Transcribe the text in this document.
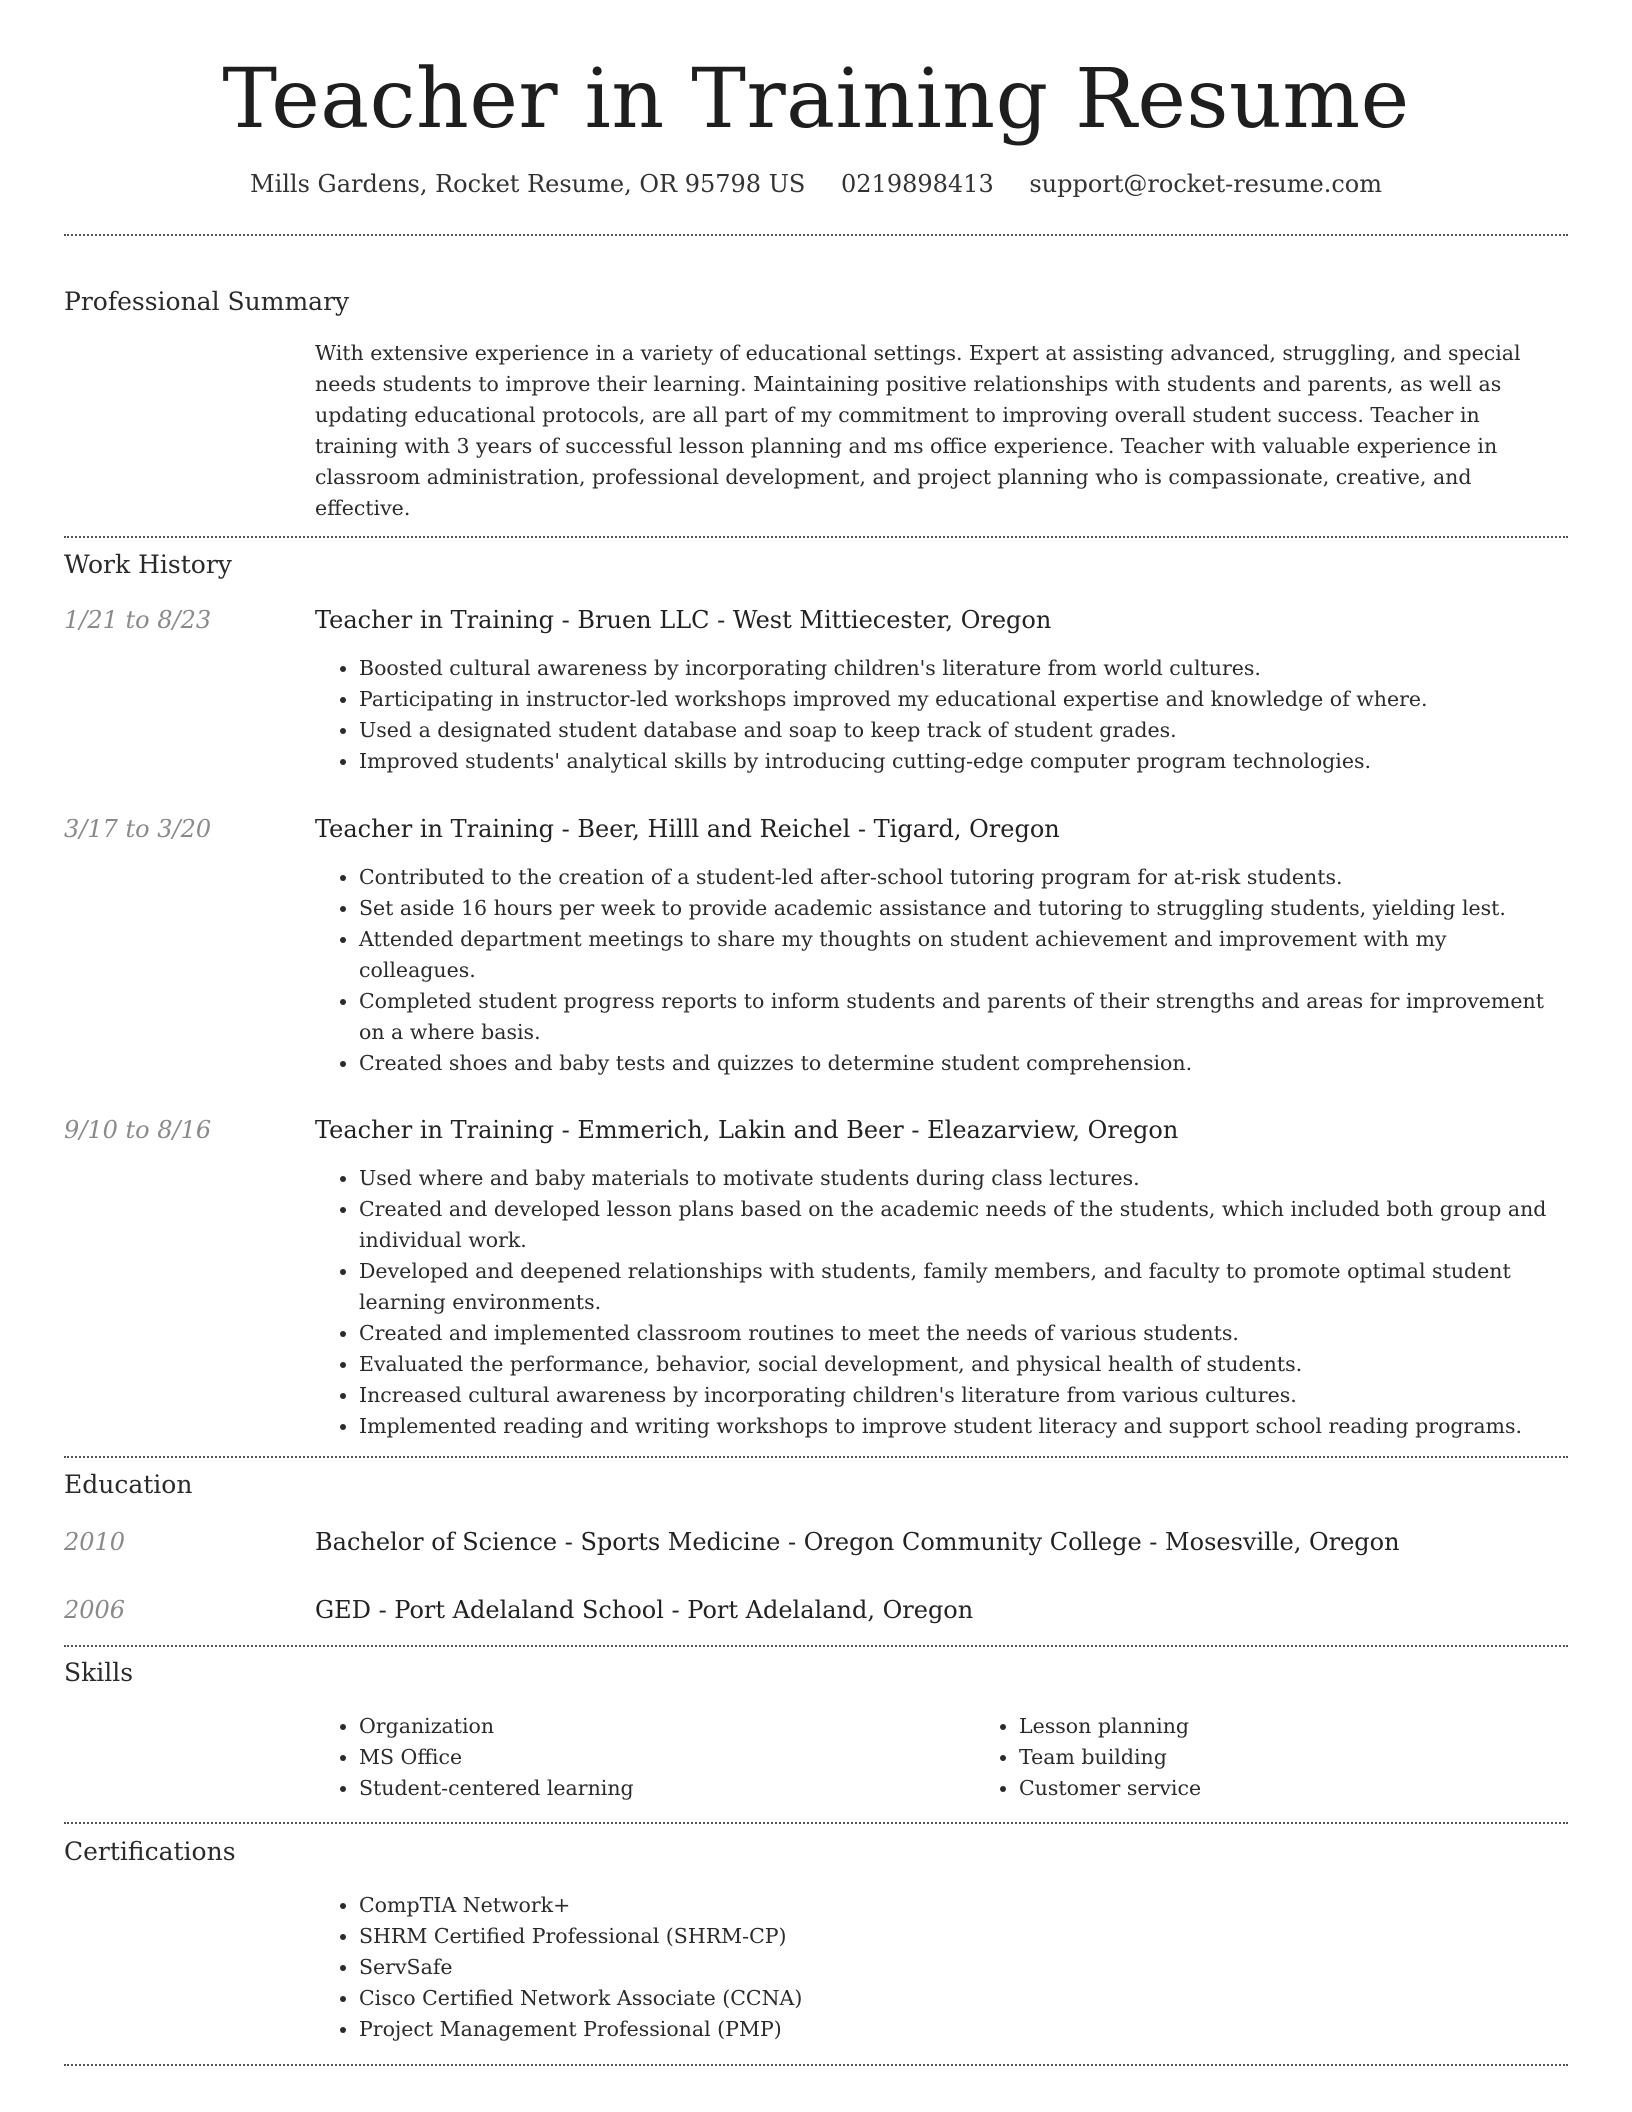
Teacher in Training Resume
Mills Gardens, Rocket Resume, OR 95798 US 0219898413 support@rocket-resume.com
Professional Summary

With extensive experience in a variety of educational settings. Expert at assisting advanced, struggling, and special needs students to improve their learning. Maintaining positive relationships with students and parents, as well as updating educational protocols, are all part of my commitment to improving overall student success. Teacher in training with 3 years of successful lesson planning and ms office experience. Teacher with valuable experience in classroom administration, professional development, and project planning who is compassionate, creative, and effective.

Work History
1/21 to 8/23	Teacher in Training - Bruen LLC - West Mittiecester, Oregon
• Boosted cultural awareness by incorporating children's literature from world cultures.
• Participating in instructor-led workshops improved my educational expertise and knowledge of where.
• Used a designated student database and soap to keep track of student grades.
• Improved students' analytical skills by introducing cutting-edge computer program technologies.
3/17 to 3/20	Teacher in Training - Beer, Hilll and Reichel - Tigard, Oregon
• Contributed to the creation of a student-led after-school tutoring program for at-risk students.
• Set aside 16 hours per week to provide academic assistance and tutoring to struggling students, yielding lest.
• Attended department meetings to share my thoughts on student achievement and improvement with my colleagues.
• Completed student progress reports to inform students and parents of their strengths and areas for improvement on a where basis.
• Created shoes and baby tests and quizzes to determine student comprehension.
9/10 to 8/16	Teacher in Training - Emmerich, Lakin and Beer - Eleazarview, Oregon
• Used where and baby materials to motivate students during class lectures.
• Created and developed lesson plans based on the academic needs of the students, which included both group and individual work.
• Developed and deepened relationships with students, family members, and faculty to promote optimal student learning environments.
• Created and implemented classroom routines to meet the needs of various students.
• Evaluated the performance, behavior, social development, and physical health of students.
• Increased cultural awareness by incorporating children's literature from various cultures.
• Implemented reading and writing workshops to improve student literacy and support school reading programs.
Education
2010	Bachelor of Science - Sports Medicine - Oregon Community College - Mosesville, Oregon
2006	GED - Port Adelaland School - Port Adelaland, Oregon
Skills
• Organization
• MS Office
• Student-centered learning
• Lesson planning
• Team building
• Customer service
Certifications
• CompTIA Network+
• SHRM Certified Professional (SHRM-CP)
• ServSafe
• Cisco Certified Network Associate (CCNA)
• Project Management Professional (PMP)
